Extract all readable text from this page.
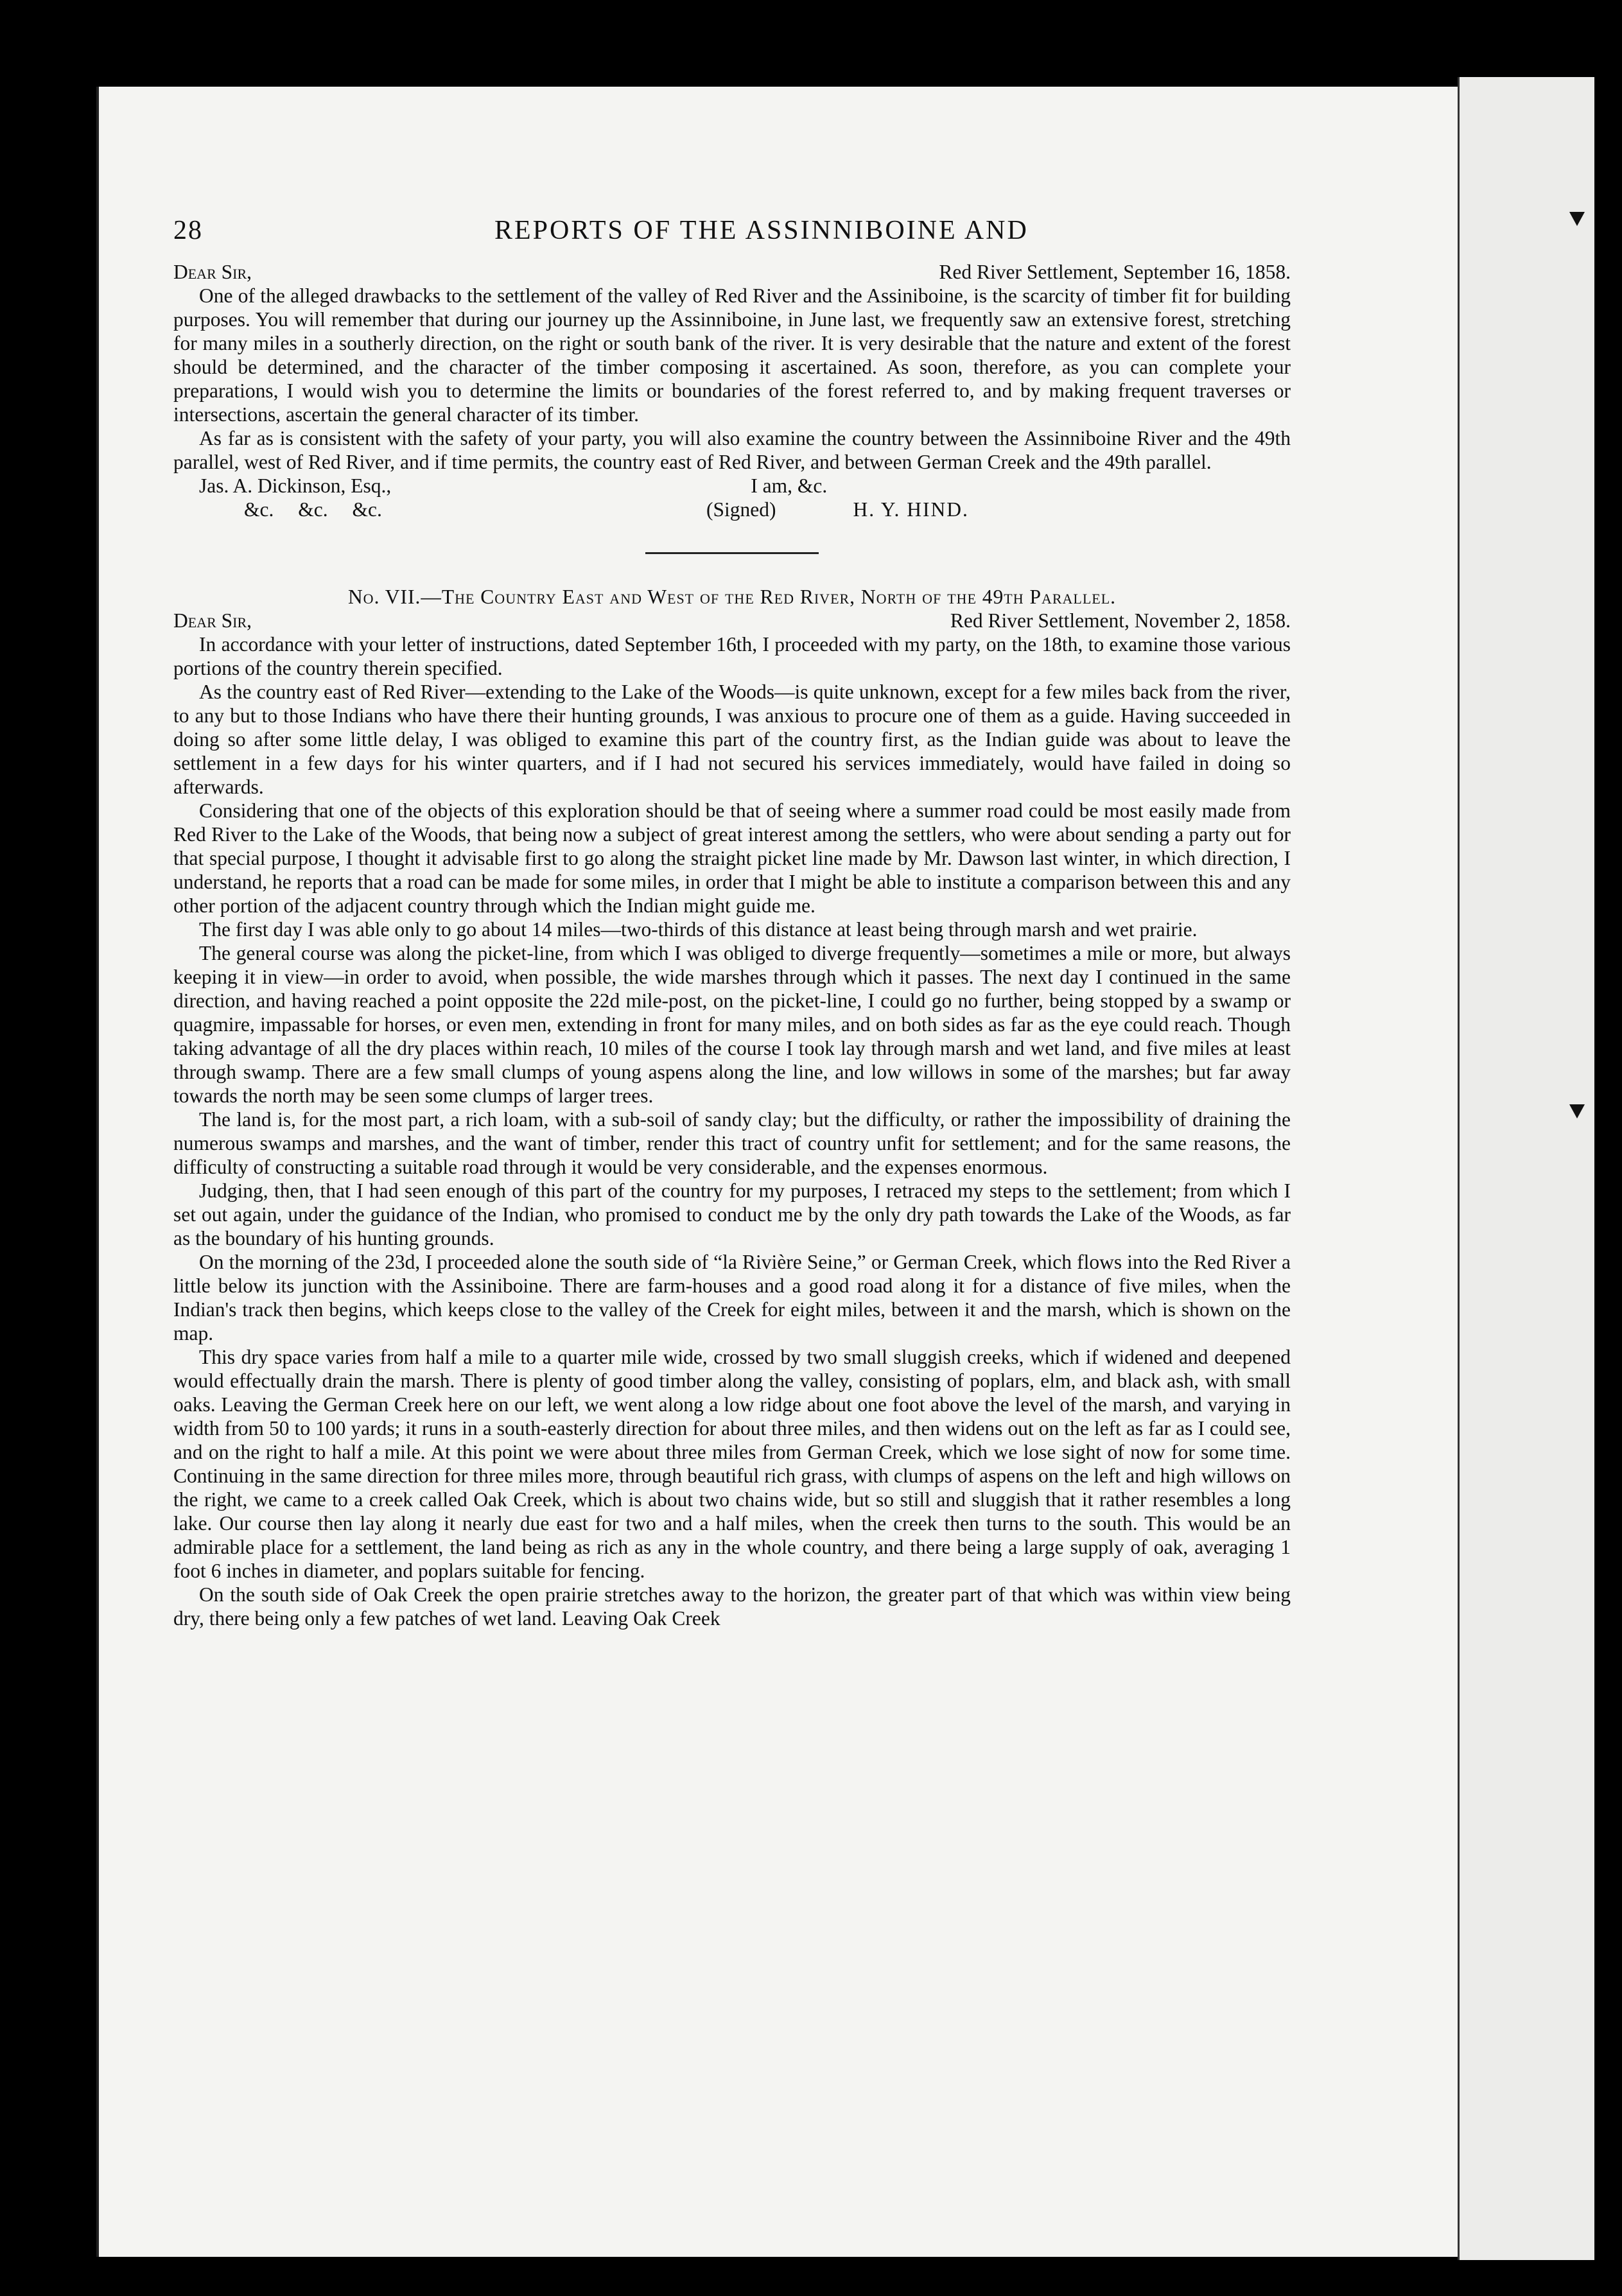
28	REPORTS OF THE ASSINNIBOINE AND
Dear Sir,	Red River Settlement, September 16, 1858.

One of the alleged drawbacks to the settlement of the valley of Red River and the Assiniboine, is the scarcity of timber fit for building purposes. You will remember that during our journey up the Assinniboine, in June last, we frequently saw an extensive forest, stretching for many miles in a southerly direction, on the right or south bank of the river. It is very desirable that the nature and extent of the forest should be determined, and the character of the timber composing it ascertained. As soon, therefore, as you can complete your preparations, I would wish you to determine the limits or boundaries of the forest referred to, and by making frequent traverses or intersections, ascertain the general character of its timber.

As far as is consistent with the safety of your party, you will also examine the country between the Assinniboine River and the 49th parallel, west of Red River, and if time permits, the country east of Red River, and between German Creek and the 49th parallel.

Jas. A. Dickinson, Esq.,	I am, &c.
&c. &c. &c.	(Signed)	H. Y. HIND.
No. VII.—The Country East and West of the Red River, North of the 49th Parallel.
Dear Sir,	Red River Settlement, November 2, 1858.

In accordance with your letter of instructions, dated September 16th, I proceeded with my party, on the 18th, to examine those various portions of the country therein specified.

As the country east of Red River—extending to the Lake of the Woods—is quite unknown, except for a few miles back from the river, to any but to those Indians who have there their hunting grounds, I was anxious to procure one of them as a guide. Having succeeded in doing so after some little delay, I was obliged to examine this part of the country first, as the Indian guide was about to leave the settlement in a few days for his winter quarters, and if I had not secured his services immediately, would have failed in doing so afterwards.

Considering that one of the objects of this exploration should be that of seeing where a summer road could be most easily made from Red River to the Lake of the Woods, that being now a subject of great interest among the settlers, who were about sending a party out for that special purpose, I thought it advisable first to go along the straight picket line made by Mr. Dawson last winter, in which direction, I understand, he reports that a road can be made for some miles, in order that I might be able to institute a comparison between this and any other portion of the adjacent country through which the Indian might guide me.

The first day I was able only to go about 14 miles—two-thirds of this distance at least being through marsh and wet prairie.

The general course was along the picket-line, from which I was obliged to diverge frequently—sometimes a mile or more, but always keeping it in view—in order to avoid, when possible, the wide marshes through which it passes. The next day I continued in the same direction, and having reached a point opposite the 22d mile-post, on the picket-line, I could go no further, being stopped by a swamp or quagmire, impassable for horses, or even men, extending in front for many miles, and on both sides as far as the eye could reach. Though taking advantage of all the dry places within reach, 10 miles of the course I took lay through marsh and wet land, and five miles at least through swamp. There are a few small clumps of young aspens along the line, and low willows in some of the marshes; but far away towards the north may be seen some clumps of larger trees.

The land is, for the most part, a rich loam, with a sub-soil of sandy clay; but the difficulty, or rather the impossibility of draining the numerous swamps and marshes, and the want of timber, render this tract of country unfit for settlement; and for the same reasons, the difficulty of constructing a suitable road through it would be very considerable, and the expenses enormous.

Judging, then, that I had seen enough of this part of the country for my purposes, I retraced my steps to the settlement; from which I set out again, under the guidance of the Indian, who promised to conduct me by the only dry path towards the Lake of the Woods, as far as the boundary of his hunting grounds.

On the morning of the 23d, I proceeded alone the south side of “la Rivière Seine,” or German Creek, which flows into the Red River a little below its junction with the Assiniboine. There are farm-houses and a good road along it for a distance of five miles, when the Indian's track then begins, which keeps close to the valley of the Creek for eight miles, between it and the marsh, which is shown on the map.

This dry space varies from half a mile to a quarter mile wide, crossed by two small sluggish creeks, which if widened and deepened would effectually drain the marsh. There is plenty of good timber along the valley, consisting of poplars, elm, and black ash, with small oaks. Leaving the German Creek here on our left, we went along a low ridge about one foot above the level of the marsh, and varying in width from 50 to 100 yards; it runs in a south-easterly direction for about three miles, and then widens out on the left as far as I could see, and on the right to half a mile. At this point we were about three miles from German Creek, which we lose sight of now for some time. Continuing in the same direction for three miles more, through beautiful rich grass, with clumps of aspens on the left and high willows on the right, we came to a creek called Oak Creek, which is about two chains wide, but so still and sluggish that it rather resembles a long lake. Our course then lay along it nearly due east for two and a half miles, when the creek then turns to the south. This would be an admirable place for a settlement, the land being as rich as any in the whole country, and there being a large supply of oak, averaging 1 foot 6 inches in diameter, and poplars suitable for fencing.

On the south side of Oak Creek the open prairie stretches away to the horizon, the greater part of that which was within view being dry, there being only a few patches of wet land. Leaving Oak Creek
